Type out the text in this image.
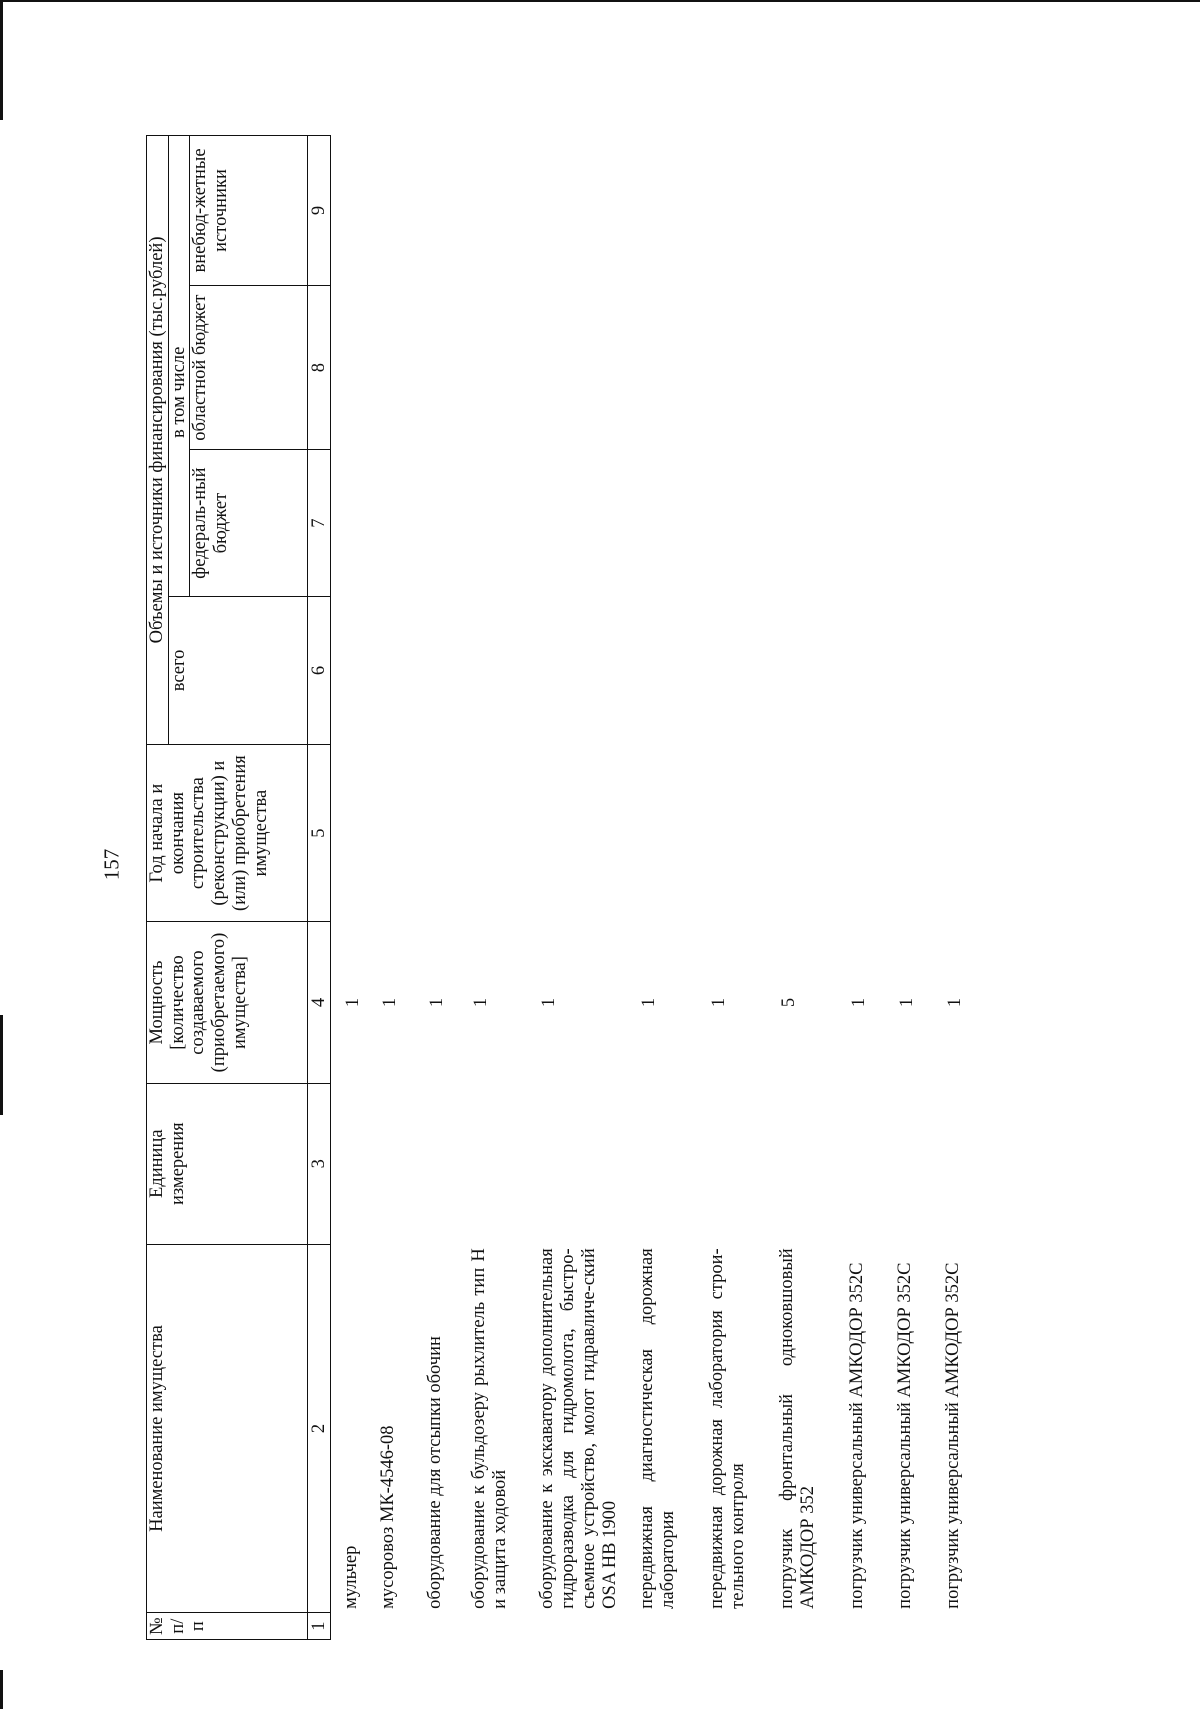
157
№ п/п	Наименование имущества	Единица измерения	Мощность [количество создаваемого (приобретаемого) имущества]	Год начала и окончания строительства (реконструкции) и (или) приобретения имущества	Объемы и источники финансирования (тыс.рублей)			
					всего	в том числе		
						федераль-ный бюджет	областной бюджет	внебюд-жетные источники
1	2	3	4	5	6	7	8	9

	мульчер		1					
	мусоровоз МК-4546-08		1					
	оборудование для отсыпки обочин		1					
	оборудование к бульдозеру рыхлитель тип Н и защита ходовой		1					
	оборудование к экскаватору дополнительная гидроразводка для гидромолота, быстро-съемное устройство, молот гидравличе-ский OSA HB 1900		1					
	передвижная диагностическая дорожная лаборатория		1					
	передвижная дорожная лаборатория строи-тельного контроля		1					
	погрузчик фронтальный одноковшовый АМКОДОР 352		5					
	погрузчик универсальный АМКОДОР 352С		1					
	погрузчик универсальный АМКОДОР 352С		1					
	погрузчик универсальный АМКОДОР 352С		1					
